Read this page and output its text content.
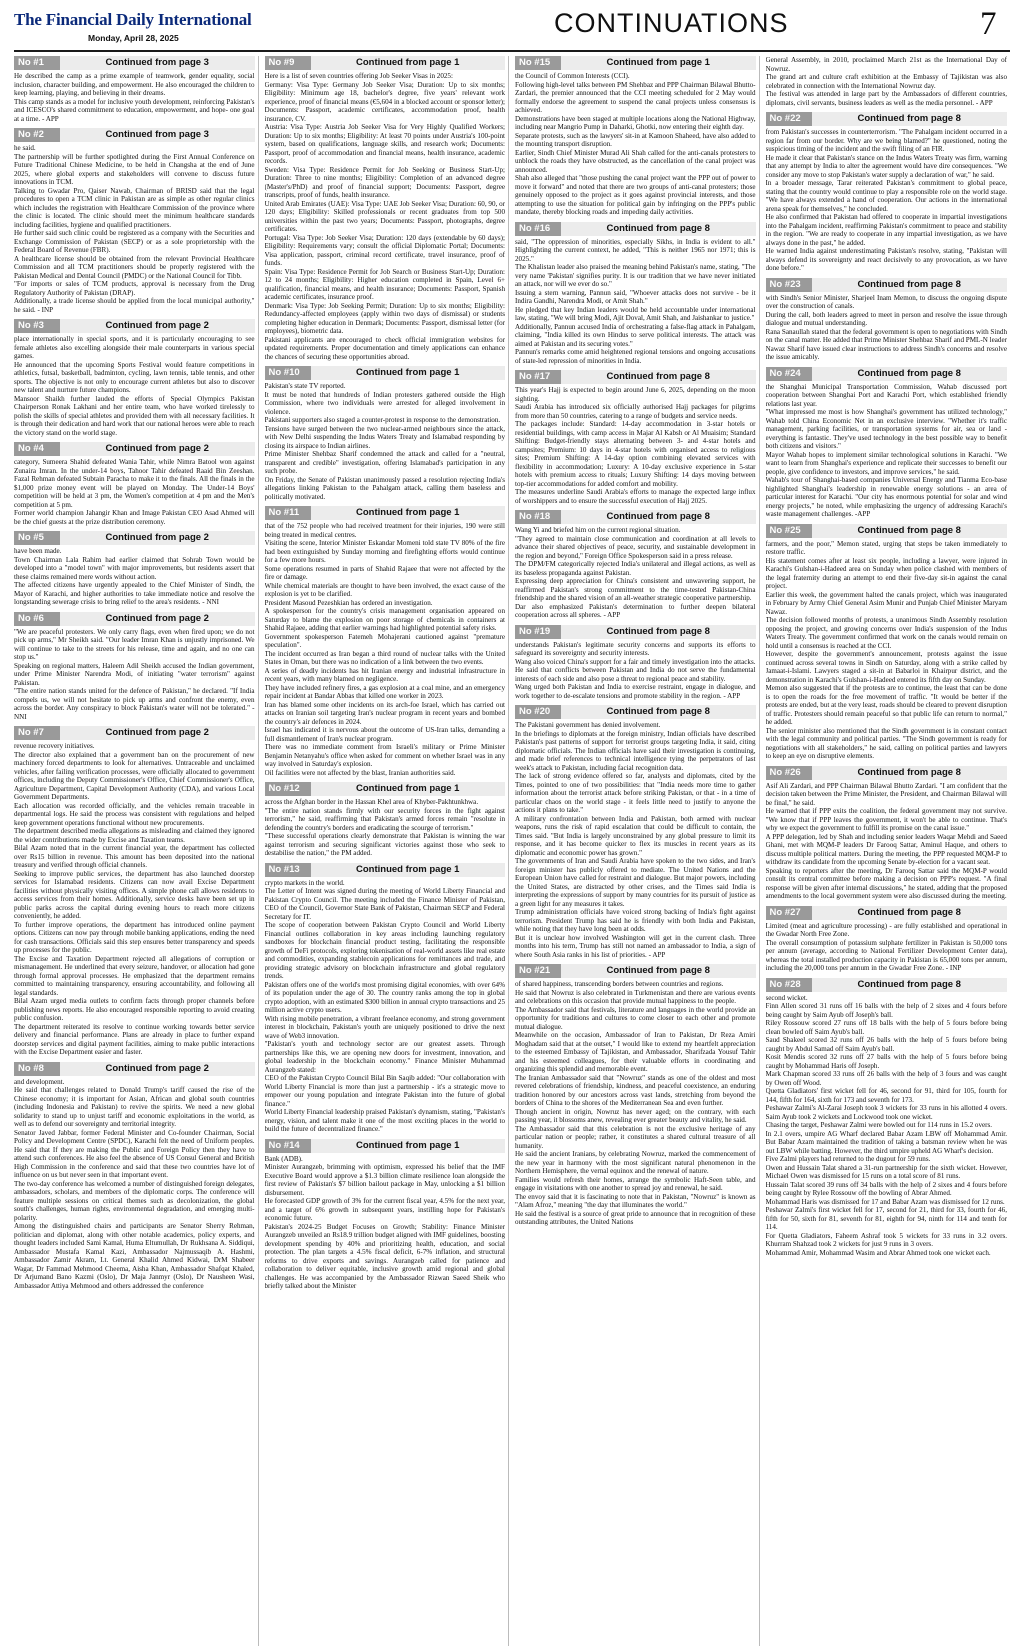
The Financial Daily International
Monday, April 28, 2025	CONTINUATIONS	7
No #1	Continued from page 3

He described the camp as a prime example of teamwork, gender equality, social inclusion, character building, and empowerment. He also encouraged the children to keep learning, playing, and believing in their dreams.

This camp stands as a model for inclusive youth development, reinforcing Pakistan's and ICESCO's shared commitment to education, empowerment, and hope- one goal at a time. - APP

No #2	Continued from page 3

he said.

The partnership will be further spotlighted during the First Annual Conference on Future Traditional Chinese Medicine, to be held in Changsha at the end of June 2025, where global experts and stakeholders will convene to discuss future innovations in TCM.

Talking to Gwadar Pro, Qaiser Nawab, Chairman of BRISD said that the legal procedures to open a TCM clinic in Pakistan are as simple as other regular clinics which includes the registration with Healthcare Commission of the province where the clinic is located. The clinic should meet the minimum healthcare standards including facilities, hygiene and qualified practitioners.

He further said such clinic could be registered as a company with the Securities and Exchange Commission of Pakistan (SECP) or as a sole proprietorship with the Federal Board of Revenue (FBR).

A healthcare license should be obtained from the relevant Provincial Healthcare Commission and all TCM practitioners should be properly registered with the Pakistan Medical and Dental Council (PMDC) or the National Council for Tibb.

"For imports or sales of TCM products, approval is necessary from the Drug Regulatory Authority of Pakistan (DRAP).

Additionally, a trade license should be applied from the local municipal authority," he said. - INP

No #3	Continued from page 2

place internationally in special sports, and it is particularly encouraging to see female athletes also excelling alongside their male counterparts in various special games.

He announced that the upcoming Sports Festival would feature competitions in athletics, futsal, basketball, badminton, cycling, lawn tennis, table tennis, and other sports. The objective is not only to encourage current athletes but also to discover new talent and nurture future champions.

Mansoor Shaikh further lauded the efforts of Special Olympics Pakistan Chairperson Ronak Lakhani and her entire team, who have worked tirelessly to polish the skills of special athletes and provided them with all necessary facilities. It is through their dedication and hard work that our national heroes were able to reach the victory stand on the world stage.

No #4	Continued from page 2

category, Sumeera Shahid defeated Wania Tahir, while Nimra Batool won against Zunaira Imran. In the under-14 boys, Tahoor Tahir defeated Raaid Bin Zeeshan. Fazal Rehman defeated Subtain Paracha to make it to the finals. All the finals in the $1,000 prize money event will be played on Monday. The Under-14 Boys' competition will be held at 3 pm, the Women's competition at 4 pm and the Men's competition at 5 pm.

Former world champion Jahangir Khan and Image Pakistan CEO Asad Ahmed will be the chief guests at the prize distribution ceremony.

No #5	Continued from page 2

have been made.

Town Chairman Lala Rahim had earlier claimed that Sohrab Town would be developed into a "model town" with major improvements, but residents assert that these claims remained mere words without action.

The affected citizens have urgently appealed to the Chief Minister of Sindh, the Mayor of Karachi, and higher authorities to take immediate notice and resolve the longstanding sewerage crisis to bring relief to the area's residents. - NNI

No #6	Continued from page 2

"We are peaceful protesters. We only carry flags, even when fired upon; we do not pick up arms," Mr Sheikh said. "Our leader Imran Khan is unjustly imprisoned. We will continue to take to the streets for his release, time and again, and no one can stop us."

Speaking on regional matters, Haleem Adil Sheikh accused the Indian government, under Prime Minister Narendra Modi, of initiating "water terrorism" against Pakistan.

"The entire nation stands united for the defence of Pakistan," he declared. "If India compels us, we will not hesitate to pick up arms and confront the enemy, even across the border. Any conspiracy to block Pakistan's water will not be tolerated." - NNI

No #7	Continued from page 2

revenue recovery initiatives.

The director also explained that a government ban on the procurement of new machinery forced departments to look for alternatives. Untraceable and unclaimed vehicles, after failing verification processes, were officially allocated to government offices, including the Deputy Commissioner's Office, Chief Commissioner's Office, Agriculture Department, Capital Development Authority (CDA), and various Local Government Departments.

Each allocation was recorded officially, and the vehicles remain traceable in departmental logs. He said the process was consistent with regulations and helped keep government operations functional without new procurements.

The department described media allegations as misleading and claimed they ignored the wider contributions made by Excise and Taxation teams.

Bilal Azam noted that in the current financial year, the department has collected over Rs15 billion in revenue. This amount has been deposited into the national treasury and verified through official channels.

Seeking to improve public services, the department has also launched doorstep services for Islamabad residents. Citizens can now avail Excise Department facilities without physically visiting offices. A simple phone call allows residents to access services from their homes. Additionally, service desks have been set up in public parks across the capital during evening hours to reach more citizens conveniently, he added.

To further improve operations, the department has introduced online payment options. Citizens can now pay through mobile banking applications, ending the need for cash transactions. Officials said this step ensures better transparency and speeds up processes for the public.

The Excise and Taxation Department rejected all allegations of corruption or mismanagement. He underlined that every seizure, handover, or allocation had gone through formal approval processes. He emphasized that the department remains committed to maintaining transparency, ensuring accountability, and following all legal standards.

Bilal Azam urged media outlets to confirm facts through proper channels before publishing news reports. He also encouraged responsible reporting to avoid creating public confusion.

The department reiterated its resolve to continue working towards better service delivery and financial performance. Plans are already in place to further expand doorstep services and digital payment facilities, aiming to make public interactions with the Excise Department easier and faster.

No #8	Continued from page 2

and development.

He said that challenges related to Donald Trump's tariff caused the rise of the Chinese economy; it is important for Asian, African and global south countries (including Indonesia and Pakistan) to revive the spirits. We need a new global solidarity to stand up to unjust tariff and economic exploitations in the world, as well as to defend our sovereignty and territorial integrity.

Senator Javed Jabbar, former Federal Minister and Co-founder Chairman, Social Policy and Development Centre (SPDC), Karachi felt the need of Uniform peoples. He said that If they are making the Public and Foreign Policy then they have to attend such conferences. He also feel the absence of US Consul General and British High Commission in the conference and said that these two countries have lot of influence on us but never seen in that important event.

The two-day conference has welcomed a number of distinguished foreign delegates, ambassadors, scholars, and members of the diplomatic corps. The conference will feature multiple sessions on critical themes such as decolonization, the global south's challenges, human rights, environmental degradation, and emerging multi-polarity.

Among the distinguished chairs and participants are Senator Sherry Rehman, politician and diplomat, along with other notable academics, policy experts, and thought leaders included Sami Kamal, Huma Eltumullah, Dr Rukhsana A. Siddiqui, Ambassador Mustafa Kamal Kazi, Ambassador Najmussaqib A. Hashmi, Ambassador Zamir Akram, Lt. General Khalid Ahmed Kidwai, DrM Shabeer Wagar, Dr Fammad Mehmood Cheema, Aisha Khan, Ambassador Shafqat Khaled, Dr Arjumand Bano Kazmi (Oslo), Dr Maja Janmyr (Oslo), Dr Nausheen Wasi, Ambassador Attiya Mehmood and others addressed the conference

No #9	Continued from page 1

Here is a list of seven countries offering Job Seeker Visas in 2025:

Germany: Visa Type: Germany Job Seeker Visa; Duration: Up to six months; Eligibility: Minimum age 18, bachelor's degree, five years' relevant work experience, proof of financial means (€5,604 in a blocked account or sponsor letter); Documents: Passport, academic certificates, accommodation proof, health insurance, CV.

Austria: Visa Type: Austria Job Seeker Visa for Very Highly Qualified Workers; Duration: Up to six months; Eligibility: At least 70 points under Austria's 100-point system, based on qualifications, language skills, and research work; Documents: Passport, proof of accommodation and financial means, health insurance, academic records.

Sweden: Visa Type: Residence Permit for Job Seeking or Business Start-Up; Duration: Three to nine months; Eligibility: Completion of an advanced degree (Master's/PhD) and proof of financial support; Documents: Passport, degree transcripts, proof of funds, health insurance.

United Arab Emirates (UAE): Visa Type: UAE Job Seeker Visa; Duration: 60, 90, or 120 days; Eligibility: Skilled professionals or recent graduates from top 500 universities within the past two years; Documents: Passport, photographs, degree certificates.

Portugal: Visa Type: Job Seeker Visa; Duration: 120 days (extendable by 60 days); Eligibility: Requirements vary; consult the official Diplomatic Portal; Documents: Visa application, passport, criminal record certificate, travel insurance, proof of funds.

Spain: Visa Type: Residence Permit for Job Search or Business Start-Up; Duration: 12 to 24 months; Eligibility: Higher education completed in Spain, Level 6+ qualification, financial means, and health insurance; Documents: Passport, Spanish academic certificates, insurance proof.

Denmark: Visa Type: Job Seeking Permit; Duration: Up to six months; Eligibility: Redundancy-affected employees (apply within two days of dismissal) or students completing higher education in Denmark; Documents: Passport, dismissal letter (for employees), biometric data.

Pakistani applicants are encouraged to check official immigration websites for updated requirements. Proper documentation and timely applications can enhance the chances of securing these opportunities abroad.

No #10	Continued from page 1

Pakistan's state TV reported.

It must be noted that hundreds of Indian protesters gathered outside the High Commission, where two individuals were arrested for alleged involvement in violence.

Pakistani supporters also staged a counter-protest in response to the demonstration.

Tensions have surged between the two nuclear-armed neighbours since the attack, with New Delhi suspending the Indus Waters Treaty and Islamabad responding by closing its airspace to Indian airlines.

Prime Minister Shehbaz Sharif condemned the attack and called for a "neutral, transparent and credible" investigation, offering Islamabad's participation in any such probe.

On Friday, the Senate of Pakistan unanimously passed a resolution rejecting India's allegations linking Pakistan to the Pahalgam attack, calling them baseless and politically motivated.

No #11	Continued from page 1

that of the 752 people who had received treatment for their injuries, 190 were still being treated in medical centres.

Visiting the scene, Interior Minister Eskandar Momeni told state TV 80% of the fire had been extinguished by Sunday morning and firefighting efforts would continue for a few more hours.

Some operations resumed in parts of Shahid Rajaee that were not affected by the fire or damage.

While chemical materials are thought to have been involved, the exact cause of the explosion is yet to be clarified.

President Masoud Pezeshkian has ordered an investigation.

A spokesperson for the country's crisis management organisation appeared on Saturday to blame the explosion on poor storage of chemicals in containers at Shahid Rajaee, adding that earlier warnings had highlighted potential safety risks.

Government spokesperson Fatemeh Mohajerani cautioned against "premature speculation".

The incident occurred as Iran began a third round of nuclear talks with the United States in Oman, but there was no indication of a link between the two events.

A series of deadly incidents has hit Iranian energy and industrial infrastructure in recent years, with many blamed on negligence.

They have included refinery fires, a gas explosion at a coal mine, and an emergency repair incident at Bandar Abbas that killed one worker in 2023.

Iran has blamed some other incidents on its arch-foe Israel, which has carried out attacks on Iranian soil targeting Iran's nuclear program in recent years and bombed the country's air defences in 2024.

Israel has indicated it is nervous about the outcome of US-Iran talks, demanding a full dismantlement of Iran's nuclear program.

There was no immediate comment from Israeli's military or Prime Minister Benjamin Netanyahu's office when asked for comment on whether Israel was in any way involved in Saturday's explosion.

Oil facilities were not affected by the blast, Iranian authorities said.

No #12	Continued from page 1

across the Afghan border in the Hassan Khel area of Khyber-Pakhtunkhwa.

"The entire nation stands firmly with our security forces in the fight against terrorism," he said, reaffirming that Pakistan's armed forces remain "resolute in defending the country's borders and eradicating the scourge of terrorism."

"These successful operations clearly demonstrate that Pakistan is winning the war against terrorism and securing significant victories against those who seek to destabilise the nation," the PM added.

No #13	Continued from page 1

crypto markets in the world.

The Letter of Intent was signed during the meeting of World Liberty Financial and Pakistan Crypto Council. The meeting included the Finance Minister of Pakistan, CEO of the Council, Governor State Bank of Pakistan, Chairman SECP and Federal Secretary for IT.

The scope of cooperation between Pakistan Crypto Council and World Liberty Financial outlines collaboration in key areas including launching regulatory sandboxes for blockchain financial product testing, facilitating the responsible growth of DeFi protocols, exploring tokenisation of real-world assets like real estate and commodities, expanding stablecoin applications for remittances and trade, and providing strategic advisory on blockchain infrastructure and global regulatory trends.

Pakistan offers one of the world's most promising digital economies, with over 64% of its population under the age of 30. The country ranks among the top in global crypto adoption, with an estimated $300 billion in annual crypto transactions and 25 million active crypto users.

With rising mobile penetration, a vibrant freelance economy, and strong government interest in blockchain, Pakistan's youth are uniquely positioned to drive the next wave of Web3 innovation.

"Pakistan's youth and technology sector are our greatest assets. Through partnerships like this, we are opening new doors for investment, innovation, and global leadership in the blockchain economy." Finance Minister Muhammad Aurangzeb stated:

CEO of the Pakistan Crypto Council Bilal Bin Saqib added: "Our collaboration with World Liberty Financial is more than just a partnership - it's a strategic move to empower our young population and integrate Pakistan into the future of global finance."

World Liberty Financial leadership praised Pakistan's dynamism, stating, "Pakistan's energy, vision, and talent make it one of the most exciting places in the world to build the future of decentralized finance."

No #14	Continued from page 1

Bank (ADB).

Minister Aurangzeb, brimming with optimism, expressed his belief that the IMF Executive Board would approve a $1.3 billion climate resilience loan alongside the first review of Pakistan's $7 billion bailout package in May, unlocking a $1 billion disbursement.

He forecasted GDP growth of 3% for the current fiscal year, 4.5% for the next year, and a target of 6% growth in subsequent years, instilling hope for Pakistan's economic future.

Pakistan's 2024-25 Budget Focuses on Growth; Stability: Finance Minister Aurangzeb unveiled an Rs18.9 trillion budget aligned with IMF guidelines, boosting development spending by 40% and prioritizing health, education, and social protection. The plan targets a 4.5% fiscal deficit, 6-7% inflation, and structural reforms to drive exports and savings. Aurangzeb called for patience and collaboration to deliver equitable, inclusive growth amid regional and global challenges. He was accompanied by the Ambassador Rizwan Saeed Sheik who briefly talked about the Minister

No #15	Continued from page 1

the Council of Common Interests (CCI).

Following high-level talks between PM Shehbaz and PPP Chairman Bilawal Bhutto-Zardari, the premier announced that the CCI meeting scheduled for 2 May would formally endorse the agreement to suspend the canal projects unless consensus is achieved.

Demonstrations have been staged at multiple locations along the National Highway, including near Mangrio Pump in Daharki, Ghotki, now entering their eighth day.

Separate protests, such as the lawyers' sit-in at Kamoon Shaheed, have also added to the mounting transport disruption.

Earlier, Sindh Chief Minister Murad Ali Shah called for the anti-canals protesters to unblock the roads they have obstructed, as the cancellation of the canal project was announced.

Shah also alleged that "those pushing the canal project want the PPP out of power to move it forward" and noted that there are two groups of anti-canal protesters; those genuinely opposed to the project as it goes against provincial interests, and those attempting to use the situation for political gain by infringing on the PPP's public mandate, thereby blocking roads and impeding daily activities.

No #16	Continued from page 8

said, "The oppression of minorities, especially Sikhs, in India is evident to all." Highlighting the current context, he added, "This is neither 1965 nor 1971; this is 2025."

The Khalistan leader also praised the meaning behind Pakistan's name, stating, "The very name 'Pakistan' signifies purity. It is our tradition that we have never initiated an attack, nor will we ever do so."

Issuing a stern warning, Pannun said, "Whoever attacks does not survive - be it Indira Gandhi, Narendra Modi, or Amit Shah."

He pledged that key Indian leaders would be held accountable under international law, stating, "We will bring Modi, Ajit Doval, Amit Shah, and Jaishankar to justice."

Additionally, Pannun accused India of orchestrating a false-flag attack in Pahalgam, claiming, "India killed its own Hindus to serve political interests. The attack was aimed at Pakistan and its securing votes."

Pannun's remarks come amid heightened regional tensions and ongoing accusations of state-led repression of minorities in India.

No #17	Continued from page 8

This year's Hajj is expected to begin around June 6, 2025, depending on the moon sighting.

Saudi Arabia has introduced six officially authorised Hajj packages for pilgrims from more than 50 countries, catering to a range of budgets and service needs.

The packages include: Standard: 14-day accommodation in 3-star hotels or residential buildings, with camp access in Majar Al Kabsh or Al Muaisim; Standard Shifting: Budget-friendly stays alternating between 3- and 4-star hotels and campsites; Premium: 10 days in 4-star hotels with organised access to religious sites; Premium Shifting: A 14-day option combining elevated services with flexibility in accommodation; Luxury: A 10-day exclusive experience in 5-star hotels with premium access to rituals; Luxury Shifting: 14 days moving between top-tier accommodations for added comfort and mobility.

The measures underline Saudi Arabia's efforts to manage the expected large influx of worshippers and to ensure the successful execution of Hajj 2025.

No #18	Continued from page 8

Wang Yi and briefed him on the current regional situation.

"They agreed to maintain close communication and coordination at all levels to advance their shared objectives of peace, security, and sustainable development in the region and beyond," Foreign Office Spokesperson said in a press release.

The DPM/FM categorically rejected India's unilateral and illegal actions, as well as its baseless propaganda against Pakistan.

Expressing deep appreciation for China's consistent and unwavering support, he reaffirmed Pakistan's strong commitment to the time-tested Pakistan-China friendship and the shared vision of an all-weather strategic cooperative partnership.

Dar also emphasized Pakistan's determination to further deepen bilateral cooperation across all spheres. - APP

No #19	Continued from page 8

understands Pakistan's legitimate security concerns and supports its efforts to safeguard its sovereignty and security interests.

Wang also voiced China's support for a fair and timely investigation into the attacks. He said that conflicts between Pakistan and India do not serve the fundamental interests of each side and also pose a threat to regional peace and stability.

Wang urged both Pakistan and India to exercise restraint, engage in dialogue, and work together to de-escalate tensions and promote stability in the region. - APP

No #20	Continued from page 8

The Pakistani government has denied involvement.

In the briefings to diplomats at the foreign ministry, Indian officials have described Pakistan's past patterns of support for terrorist groups targeting India, it said, citing diplomatic officials. The Indian officials have said their investigation is continuing, and made brief references to technical intelligence tying the perpetrators of last week's attack to Pakistan, including facial recognition data.

The lack of strong evidence offered so far, analysts and diplomats, cited by the Times, pointed to one of two possibilities: that "India needs more time to gather information about the terrorist attack before striking Pakistan, or that - in a time of particular chaos on the world stage - it feels little need to justify to anyone the actions it plans to take."

A military confrontation between India and Pakistan, both armed with nuclear weapons, runs the risk of rapid escalation that could be difficult to contain, the Times said. "But India is largely unconstrained by any global pressure to limit its response, and it has become quicker to flex its muscles in recent years as its diplomatic and economic power has grown."

The governments of Iran and Saudi Arabia have spoken to the two sides, and Iran's foreign minister has publicly offered to mediate. The United Nations and the European Union have called for restraint and dialogue. But major powers, including the United States, are distracted by other crises, and the Times said India is interpreting the expressions of support by many countries for its pursuit of justice as a green light for any measures it takes.

Trump administration officials have voiced strong backing of India's fight against terrorism. President Trump has said he is friendly with both India and Pakistan, while noting that they have long been at odds.

But it is unclear how involved Washington will get in the current clash. Three months into his term, Trump has still not named an ambassador to India, a sign of where South Asia ranks in his list of priorities. - APP

No #21	Continued from page 8

of shared happiness, transcending borders between countries and regions.

He said that Nowruz is also celebrated in Turkmenistan and there are various events and celebrations on this occasion that provide mutual happiness to the people.

The Ambassador said that festivals, literature and languages in the world provide an opportunity for traditions and cultures to come closer to each other and promote mutual dialogue.

Meanwhile on the occasion, Ambassador of Iran to Pakistan, Dr Reza Amiri Moghadam said that at the outset," I would like to extend my heartfelt appreciation to the esteemed Embassy of Tajikistan, and Ambassador, Sharifzada Yousuf Tahir and his esteemed colleagues, for their valuable efforts in coordinating and organizing this splendid and memorable event.

The Iranian Ambassador said that "Nowruz" stands as one of the oldest and most revered celebrations of friendship, kindness, and peaceful coexistence, an enduring tradition honored by our ancestors across vast lands, stretching from beyond the borders of China to the shores of the Mediterranean Sea and even further.

Though ancient in origin, Nowruz has never aged; on the contrary, with each passing year, it blossoms anew, revealing ever greater beauty and vitality, he said.

The Ambassador said that this celebration is not the exclusive heritage of any particular nation or people; rather, it constitutes a shared cultural treasure of all humanity.

He said the ancient Iranians, by celebrating Nowruz, marked the commencement of the new year in harmony with the most significant natural phenomenon in the Northern Hemisphere, the vernal equinox and the renewal of nature.

Families would refresh their homes, arrange the symbolic Haft-Seen table, and engage in visitations with one another to spread joy and renewal, he said.

The envoy said that it is fascinating to note that in Pakistan, "Nowruz" is known as "Alam Afroz," meaning "the day that illuminates the world."

He said the festival is a source of great pride to announce that in recognition of these outstanding attributes, the United Nations

General Assembly, in 2010, proclaimed March 21st as the International Day of Nowruz.

The grand art and culture craft exhibition at the Embassy of Tajikistan was also celebrated in connection with the International Nowruz day.

The festival was attended in large part by the Ambassadors of different countries, diplomats, civil servants, business leaders as well as the media personnel. - APP

No #22	Continued from page 8

from Pakistan's successes in counterterrorism. "The Pahalgam incident occurred in a region far from our border. Why are we being blamed?" he questioned, noting the suspicious timing of the incident and the swift filing of an FIR.

He made it clear that Pakistan's stance on the Indus Waters Treaty was firm, warning that any attempt by India to alter the agreement would have dire consequences. "We consider any move to stop Pakistan's water supply a declaration of war," he said.

In a broader message, Tarar reiterated Pakistan's commitment to global peace, stating that the country would continue to play a responsible role on the world stage. "We have always extended a hand of cooperation. Our actions in the international arena speak for themselves," he concluded.

He also confirmed that Pakistan had offered to cooperate in impartial investigations into the Pahalgam incident, reaffirming Pakistan's commitment to peace and stability in the region. "We are ready to cooperate in any impartial investigation, as we have always done in the past," he added.

He warned India against underestimating Pakistan's resolve, stating, "Pakistan will always defend its sovereignty and react decisively to any provocation, as we have done before."

No #23	Continued from page 8

with Sindh's Senior Minister, Sharjeel Inam Memon, to discuss the ongoing dispute over the construction of canals.

During the call, both leaders agreed to meet in person and resolve the issue through dialogue and mutual understanding.

Rana Sanaullah stated that the federal government is open to negotiations with Sindh on the canal matter. He added that Prime Minister Shehbaz Sharif and PML-N leader Nawaz Sharif have issued clear instructions to address Sindh's concerns and resolve the issue amicably.

No #24	Continued from page 8

the Shanghai Municipal Transportation Commission, Wahab discussed port cooperation between Shanghai Port and Karachi Port, which established friendly relations last year.

"What impressed me most is how Shanghai's government has utilized technology," Wahab told China Economic Net in an exclusive interview. "Whether it's traffic management, parking facilities, or transportation systems for air, sea or land - everything is fantastic. They've used technology in the best possible way to benefit both citizens and visitors."

Mayor Wahab hopes to implement similar technological solutions in Karachi. "We want to learn from Shanghai's experience and replicate their successes to benefit our people, give confidence to investors, and improve services," he said.

Wahab's tour of Shanghai-based companies Universal Energy and Tianma Eco-base highlighted Shanghai's leadership in renewable energy solutions - an area of particular interest for Karachi. "Our city has enormous potential for solar and wind energy projects," he noted, while emphasizing the urgency of addressing Karachi's waste management challenges. -APP

No #25	Continued from page 8

farmers, and the poor," Memon stated, urging that steps be taken immediately to restore traffic.

His statement comes after at least six people, including a lawyer, were injured in Karachi's Gulshan-i-Hadeed area on Sunday when police clashed with members of the legal fraternity during an attempt to end their five-day sit-in against the canal project.

Earlier this week, the government halted the canals project, which was inaugurated in February by Army Chief General Asim Munir and Punjab Chief Minister Maryam Nawaz.

The decision followed months of protests, a unanimous Sindh Assembly resolution opposing the project, and growing concerns over India's suspension of the Indus Waters Treaty. The government confirmed that work on the canals would remain on hold until a consensus is reached at the CCI.

However, despite the government's announcement, protests against the issue continued across several towns in Sindh on Saturday, along with a strike called by Jamaat-i-Islami. Lawyers staged a sit-in at Babarloi in Khairpur district, and the demonstration in Karachi's Gulshan-i-Hadeed entered its fifth day on Sunday.

Memon also suggested that if the protests are to continue, the least that can be done is to open the roads for the free movement of traffic. "It would be better if the protests are ended, but at the very least, roads should be cleared to prevent disruption of traffic. Protesters should remain peaceful so that public life can return to normal," he added.

The senior minister also mentioned that the Sindh government is in constant contact with the legal community and political parties. "The Sindh government is ready for negotiations with all stakeholders," he said, calling on political parties and lawyers to keep an eye on disruptive elements.

No #26	Continued from page 8

Asif Ali Zardari, and PPP Chairman Bilawal Bhutto Zardari. "I am confident that the decision taken between the Prime Minister, the President, and Chairman Bilawal will be final," he said.

He warned that if PPP exits the coalition, the federal government may not survive. "We know that if PPP leaves the government, it won't be able to continue. That's why we expect the government to fulfill its promise on the canal issue."

A PPP delegation, led by Shah and including senior leaders Waqar Mehdi and Saeed Ghani, met with MQM-P leaders Dr Farooq Sattar, Aminul Haque, and others to discuss multiple political matters. During the meeting, the PPP requested MQM-P to withdraw its candidate from the upcoming Senate by-election for a vacant seat.

Speaking to reporters after the meeting, Dr Farooq Sattar said the MQM-P would consult its central committee before making a decision on PPP's request. "A final response will be given after internal discussions," he stated, adding that the proposed amendments to the local government system were also discussed during the meeting.

No #27	Continued from page 8

Limited (meat and agriculture processing) - are fully established and operational in the Gwadar North Free Zone.

The overall consumption of potassium sulphate fertilizer in Pakistan is 50,000 tons per annum (average, according to National Fertilizer Development Center data), whereas the total installed production capacity in Pakistan is 65,000 tons per annum, including the 20,000 tons per annum in the Gwadar Free Zone. - INP

No #28	Continued from page 8

second wicket.

Finn Allen scored 31 runs off 16 balls with the help of 2 sixes and 4 fours before being caught by Saim Ayub off Joseph's ball.

Riley Rossouw scored 27 runs off 18 balls with the help of 5 fours before being clean bowled off Saim Ayub's ball.

Saud Shakeel scored 32 runs off 26 balls with the help of 5 fours before being caught by Abdul Samad off Saim Ayub's ball.

Kosit Mendis scored 32 runs off 27 balls with the help of 5 fours before being caught by Mohammad Haris off Joseph.

Mark Chapman scored 33 runs off 26 balls with the help of 3 fours and was caught by Owen off Wood.

Quetta Gladiators' first wicket fell for 46, second for 91, third for 105, fourth for 144, fifth for 164, sixth for 173 and seventh for 173.

Peshawar Zalmi's Al-Zarai Joseph took 3 wickets for 33 runs in his allotted 4 overs. Saim Ayub took 2 wickets and Lockwood took one wicket.

Chasing the target, Peshawar Zalmi were bowled out for 114 runs in 15.2 overs.

In 2.1 overs, umpire AG Wharf declared Babar Azam LBW off Mohammad Amir. But Babar Azam maintained the tradition of taking a batsman review when he was out LBW while batting. However, the third umpire upheld AG Wharf's decision.

Five Zalmi players had returned to the dugout for 59 runs.

Owen and Hussain Talat shared a 31-run partnership for the sixth wicket. However, Michael Owen was dismissed for 15 runs on a total score of 81 runs.

Hussain Talat scored 39 runs off 34 balls with the help of 2 sixes and 4 fours before being caught by Rylee Rossouw off the bowling of Abrar Ahmed.

Mohammad Haris was dismissed for 17 and Babar Azam was dismissed for 12 runs.

Peshawar Zalmi's first wicket fell for 17, second for 21, third for 33, fourth for 46, fifth for 50, sixth for 81, seventh for 81, eighth for 94, ninth for 114 and tenth for 114.

For Quetta Gladiators, Faheem Ashraf took 5 wickets for 33 runs in 3.2 overs. Khurram Shahzad took 2 wickets for just 9 runs in 3 overs.

Mohammad Amir, Mohammad Wasim and Abrar Ahmed took one wicket each.
